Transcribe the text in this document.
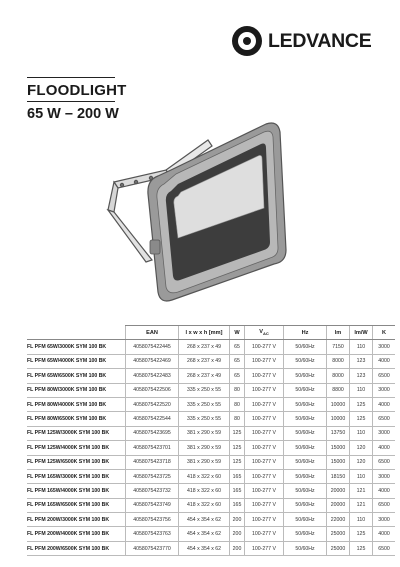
LEDVANCE
FLOODLIGHT
65 W – 200 W
	EAN	l x w x h [mm]	W	$V_{AC}$	Hz	lm	lm/W	K
FL PFM 65W/3000K SYM 100 BK	4058075422445	268 x 237 x 49	65	100-277 V	50/60Hz	7150	110	3000
FL PFM 65W/4000K SYM 100 BK	4058075422469	268 x 237 x 49	65	100-277 V	50/60Hz	8000	123	4000
FL PFM 65W/6500K SYM 100 BK	4058075422483	268 x 237 x 49	65	100-277 V	50/60Hz	8000	123	6500
FL PFM 80W/3000K SYM 100 BK	4058075422506	335 x 250 x 55	80	100-277 V	50/60Hz	8800	110	3000
FL PFM 80W/4000K SYM 100 BK	4058075422520	335 x 250 x 55	80	100-277 V	50/60Hz	10000	125	4000
FL PFM 80W/6500K SYM 100 BK	4058075422544	335 x 250 x 55	80	100-277 V	50/60Hz	10000	125	6500
FL PFM 125W/3000K SYM 100 BK	4058075423695	381 x 290 x 59	125	100-277 V	50/60Hz	13750	110	3000
FL PFM 125W/4000K SYM 100 BK	4058075423701	381 x 290 x 59	125	100-277 V	50/60Hz	15000	120	4000
FL PFM 125W/6500K SYM 100 BK	4058075423718	381 x 290 x 59	125	100-277 V	50/60Hz	15000	120	6500
FL PFM 165W/3000K SYM 100 BK	4058075423725	418 x 322 x 60	165	100-277 V	50/60Hz	18150	110	3000
FL PFM 165W/4000K SYM 100 BK	4058075423732	418 x 322 x 60	165	100-277 V	50/60Hz	20000	121	4000
FL PFM 165W/6500K SYM 100 BK	4058075423749	418 x 322 x 60	165	100-277 V	50/60Hz	20000	121	6500
FL PFM 200W/3000K SYM 100 BK	4058075423756	454 x 354 x 62	200	100-277 V	50/60Hz	22000	110	3000
FL PFM 200W/4000K SYM 100 BK	4058075423763	454 x 354 x 62	200	100-277 V	50/60Hz	25000	125	4000
FL PFM 200W/6500K SYM 100 BK	4058075423770	454 x 354 x 62	200	100-277 V	50/60Hz	25000	125	6500
